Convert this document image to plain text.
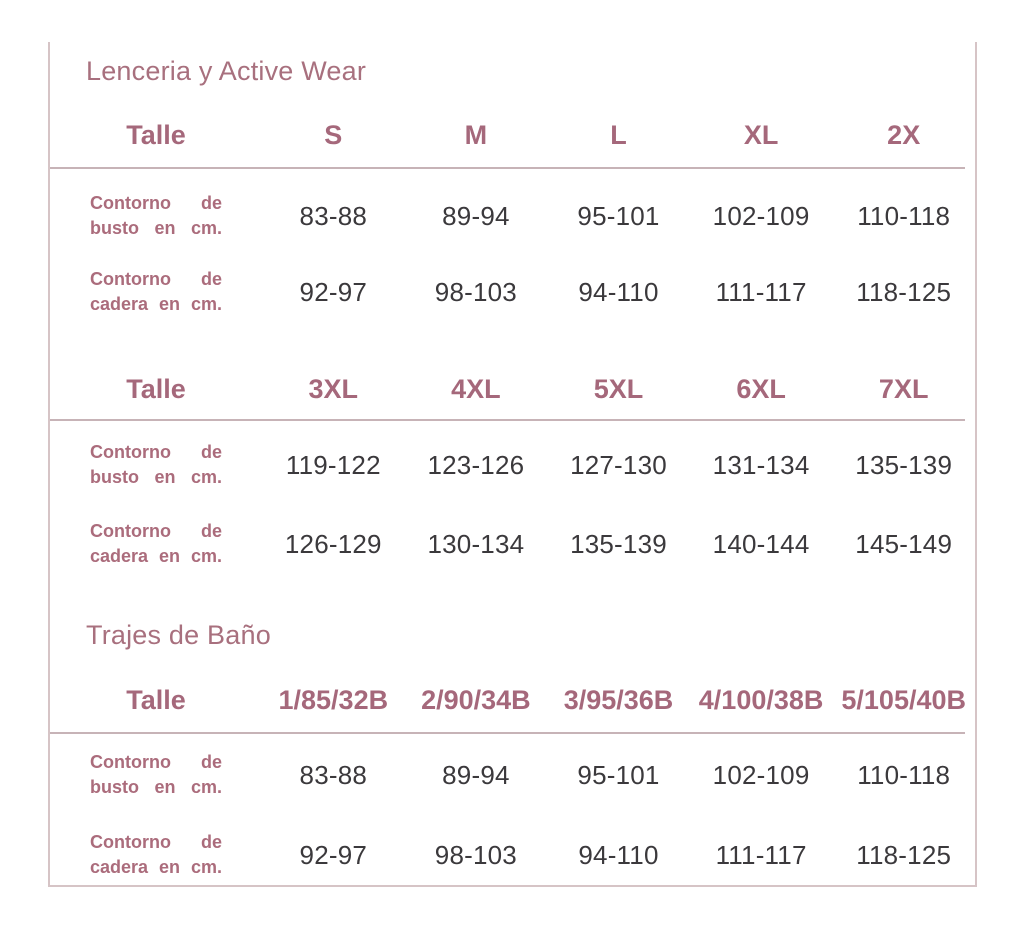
Lenceria y Active Wear
Talle	S	M	L	XL	2X
Contorno de
busto en cm.	83-88	89-94	95-101	102-109	110-118
Contorno de
cadera en cm.	92-97	98-103	94-110	111-117	118-125
Talle	3XL	4XL	5XL	6XL	7XL
Contorno de
busto en cm.	119-122	123-126	127-130	131-134	135-139
Contorno de
cadera en cm.	126-129	130-134	135-139	140-144	145-149
Trajes de Baño
Talle	1/85/32B	2/90/34B	3/95/36B 4/100/38B 5/105/40B
Contorno de
busto en cm.	83-88	89-94	95-101	102-109	110-118
Contorno de
cadera en cm.	92-97	98-103	94-110	111-117	118-125
